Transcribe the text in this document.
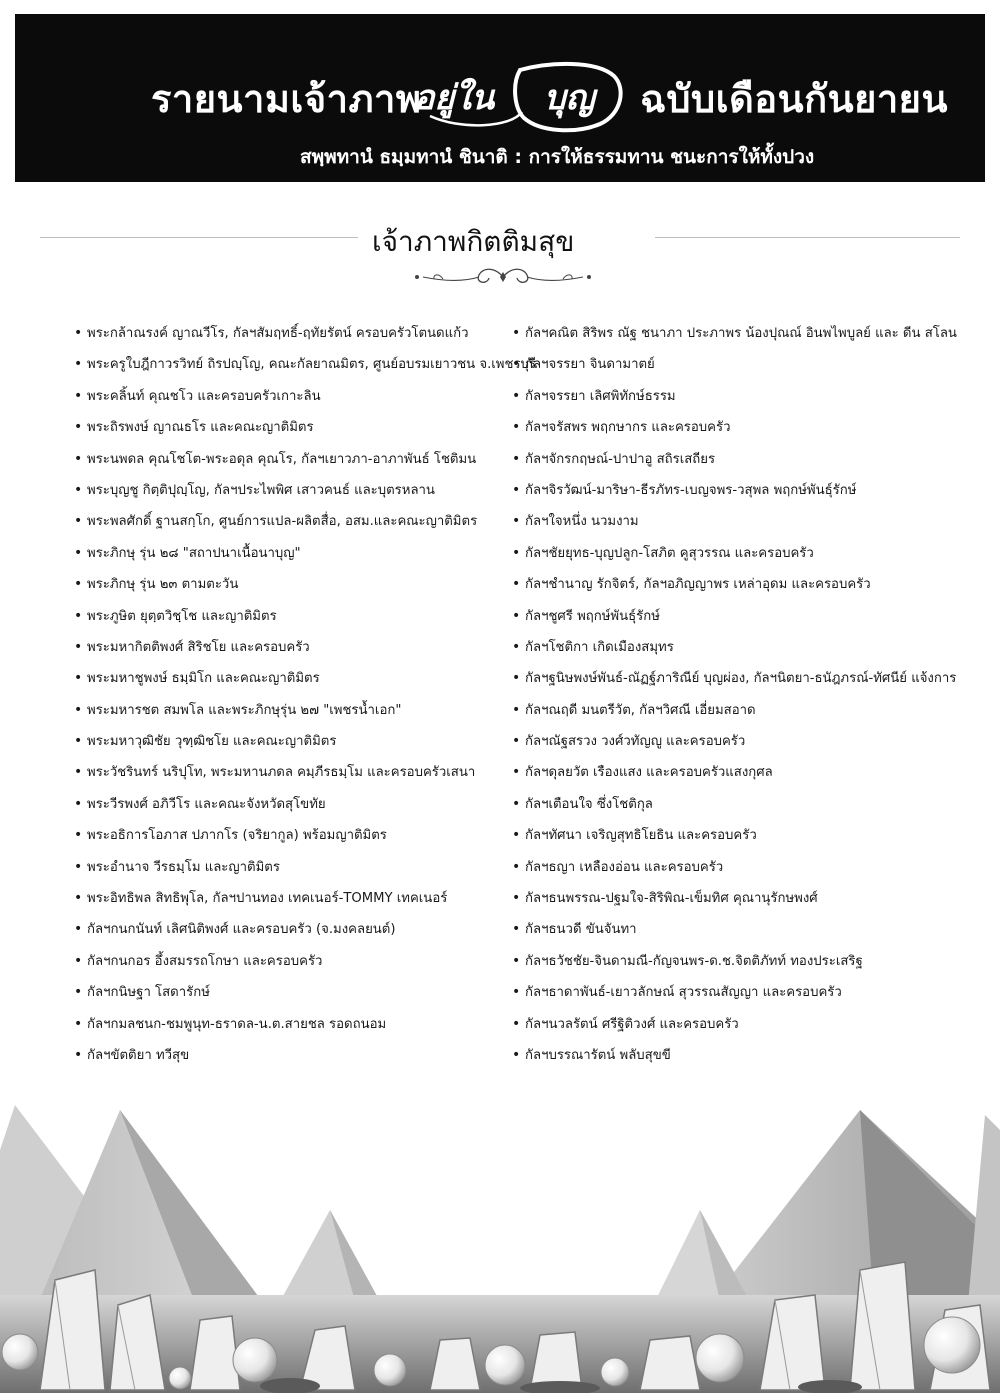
รายนามเจ้าภาพ
อยู่ใน บุญ ฉบับเดือนกันยายน
สพฺพทานํ ธมฺมทานํ ชินาติ : การให้ธรรมทาน ชนะการให้ทั้งปวง
เจ้าภาพกิตติมสุข
• พระกล้าณรงค์ ญาณวีโร, กัลฯสัมฤทธิ์-ฤทัยรัตน์ ครอบครัวโตนดแก้ว
• พระครูใบฎีกาวรวิทย์ ถิรปญฺโญ, คณะกัลยาณมิตร, ศูนย์อบรมเยาวชน จ.เพชรบุรี
• พระคลิ้นท์ คุณชโว และครอบครัวเกาะลิน
• พระถิรพงษ์ ญาณธโร และคณะญาติมิตร
• พระนพดล คุณโชโต-พระอดุล คุณโร, กัลฯเยาวภา-อาภาพันธ์ โชติมน
• พระบุญชู กิตฺติปุญฺโญ, กัลฯประไพพิศ เสาวคนธ์ และบุตรหลาน
• พระพลศักดิ์ ฐานสกฺโก, ศูนย์การแปล-ผลิตสื่อ, อสม.และคณะญาติมิตร
• พระภิกษุ รุ่น ๒๘ "สถาปนาเนื้อนาบุญ"
• พระภิกษุ รุ่น ๒๓ ตามตะวัน
• พระภูษิต ยุตฺตวิชฺโช และญาติมิตร
• พระมหากิตติพงศ์ สิริชโย และครอบครัว
• พระมหาชูพงษ์ ธมฺมิโก และคณะญาติมิตร
• พระมหารชต สมพโล และพระภิกษุรุ่น ๒๗ "เพชรน้ำเอก"
• พระมหาวุฒิชัย วุฑฺฒิชโย และคณะญาติมิตร
• พระวัชรินทร์ นริปุโท, พระมหานภดล คมฺภีรธมฺโม และครอบครัวเสนา
• พระวีรพงศ์ อภิวีโร และคณะจังหวัดสุโขทัย
• พระอธิการโอภาส ปภากโร (จริยากูล) พร้อมญาติมิตร
• พระอำนาจ วีรธมฺโม และญาติมิตร
• พระอิทธิพล สิทธิพุโล, กัลฯปานทอง เทคเนอร์-TOMMY เทคเนอร์
• กัลฯกนกนันท์ เลิศนิติพงศ์ และครอบครัว (จ.มงคลยนต์)
• กัลฯกนกอร อึ้งสมรรถโกษา และครอบครัว
• กัลฯกนิษฐา โสดารักษ์
• กัลฯกมลชนก-ชมพูนุท-ธราดล-น.ต.สายชล รอดถนอม
• กัลฯขัตติยา ทวีสุข
• กัลฯคณิต สิริพร ณัฐ ชนาภา ประภาพร น้องปุณณ์ อินพไพบูลย์ และ ดีน สโลน
• กัลฯจรรยา จินดามาตย์
• กัลฯจรรยา เลิศพิทักษ์ธรรม
• กัลฯจรัสพร พฤกษากร และครอบครัว
• กัลฯจักรกฤษณ์-ปาปาอู สถิรเสถียร
• กัลฯจิรวัฒน์-มาริษา-ธีรภัทร-เบญจพร-วสุพล พฤกษ์พันธุ์รักษ์
• กัลฯใจหนึ่ง นวมงาม
• กัลฯชัยยุทธ-บุญปลูก-โสภิต คูสุวรรณ และครอบครัว
• กัลฯชำนาญ รักจิตร์, กัลฯอภิญญาพร เหล่าอุดม และครอบครัว
• กัลฯชูศรี พฤกษ์พันธุ์รักษ์
• กัลฯโชติกา เกิดเมืองสมุทร
• กัลฯฐนิษพงษ์พันธ์-ณัฏฐ์ภาริณีย์ บุญผ่อง, กัลฯนิตยา-ธนัฎภรณ์-ทัศนีย์ แจ้งการ
• กัลฯณฤดี มนตรีวัต, กัลฯวิศณี เอี่ยมสอาด
• กัลฯณัฐสรวง วงศ์วทัญญู และครอบครัว
• กัลฯดุลยวัต เรืองแสง และครอบครัวแสงกุศล
• กัลฯเตือนใจ ซึ่งโชติกุล
• กัลฯทัศนา เจริญสุทธิโยธิน และครอบครัว
• กัลฯธญา เหลืองอ่อน และครอบครัว
• กัลฯธนพรรณ-ปฐมใจ-สิริพิณ-เข็มทิศ คุณานุรักษพงศ์
• กัลฯธนวดี ขันจันทา
• กัลฯธวัชชัย-จินดามณี-กัญจนพร-ด.ช.จิตติภัทท์ ทองประเสริฐ
• กัลฯธาดาพันธ์-เยาวลักษณ์ สุวรรณสัญญา และครอบครัว
• กัลฯนวลรัตน์ ศรีฐิติวงศ์ และครอบครัว
• กัลฯบรรณารัตน์ พลับสุขขี
